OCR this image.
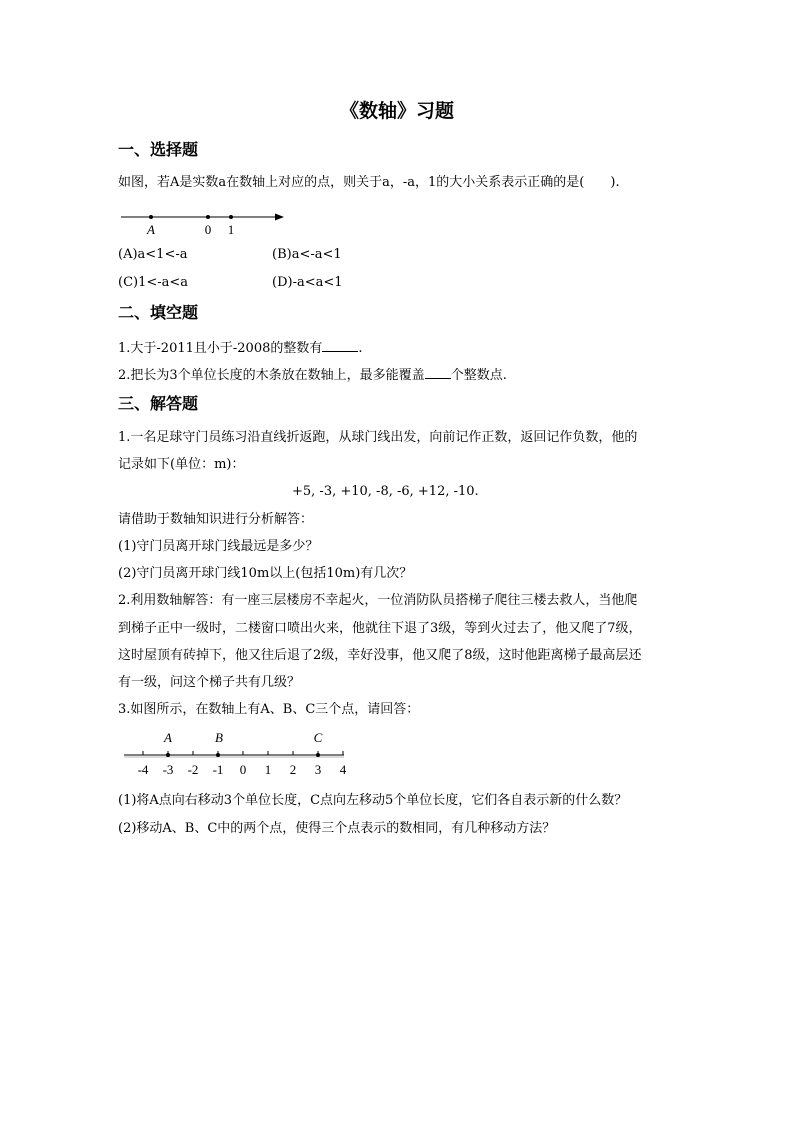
《数轴》习题
一、选择题
如图，若A是实数a在数轴上对应的点，则关于a，-a，1的大小关系表示正确的是(　　).
A	0 1
(A)a<1<-a	(B)a<-a<1
(C)1<-a<a	(D)-a<a<1
二、填空题
1.大于-2011且小于-2008的整数有	.
2.把长为3个单位长度的木条放在数轴上，最多能覆盖 个整数点.
三、解答题
1.一名足球守门员练习沿直线折返跑，从球门线出发，向前记作正数，返回记作负数，他的
记录如下(单位：m)：
+5, -3, +10, -8, -6, +12, -10.
请借助于数轴知识进行分析解答：
(1)守门员离开球门线最远是多少？
(2)守门员离开球门线10m以上(包括10m)有几次？
2.利用数轴解答：有一座三层楼房不幸起火，一位消防队员搭梯子爬往三楼去救人，当他爬
到梯子正中一级时，二楼窗口喷出火来，他就往下退了3级，等到火过去了，他又爬了7级，
这时屋顶有砖掉下，他又往后退了2级，幸好没事，他又爬了8级，这时他距离梯子最高层还
有一级，问这个梯子共有几级？
3.如图所示，在数轴上有A、B、C三个点，请回答：
A	B	C
-4 -3 -2 -1 0 1 2 3 4
(1)将A点向右移动3个单位长度，C点向左移动5个单位长度，它们各自表示新的什么数？
(2)移动A、B、C中的两个点，使得三个点表示的数相同，有几种移动方法？
